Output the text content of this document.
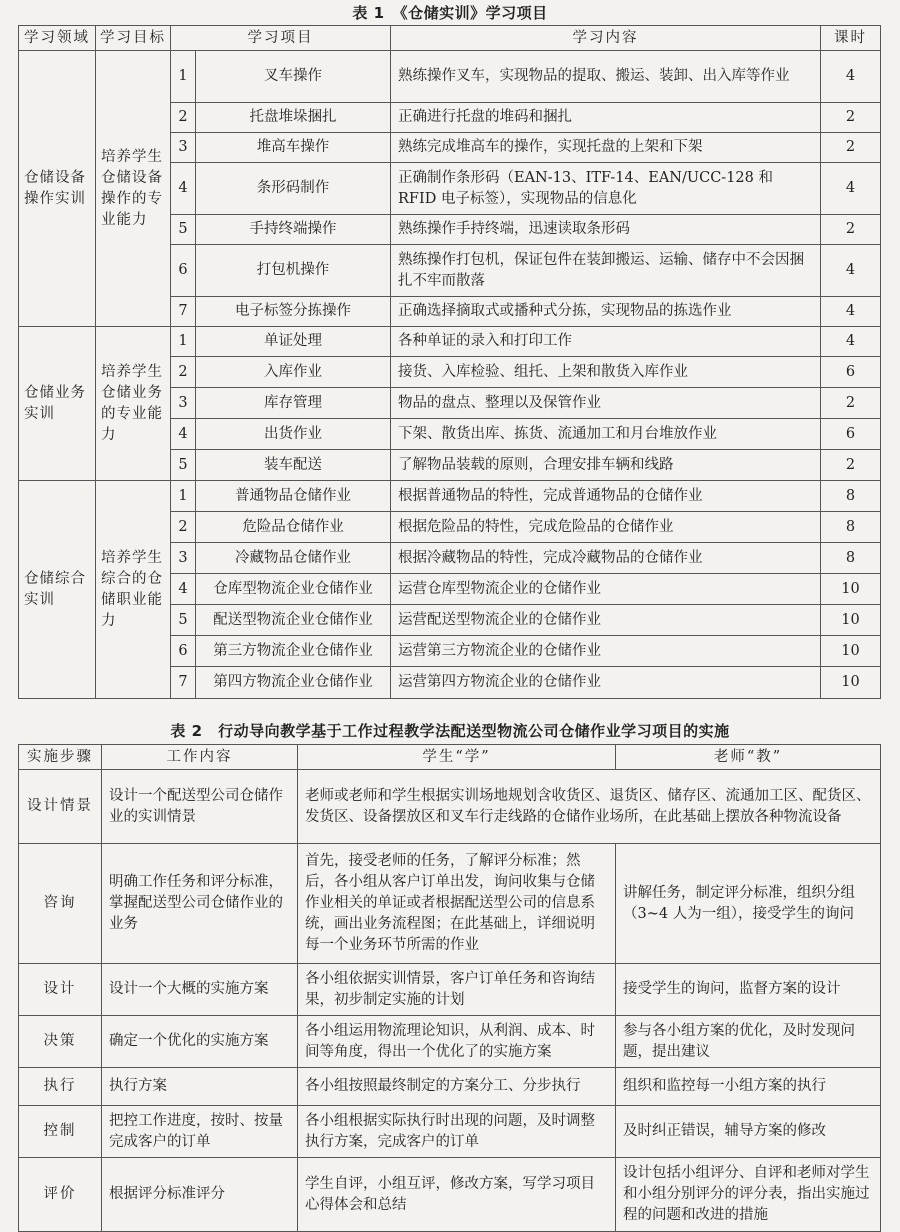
表 1　《仓储实训》学习项目
学习领域	学习目标	学习项目		学习内容	课时
仓储设备操作实训	培养学生仓储设备操作的专业能力	1	叉车操作	熟练操作叉车，实现物品的提取、搬运、装卸、出入库等作业	4
		2	托盘堆垛捆扎	正确进行托盘的堆码和捆扎	2
		3	堆高车操作	熟练完成堆高车的操作，实现托盘的上架和下架	2
		4	条形码制作	正确制作条形码（EAN-13、ITF-14、EAN/UCC-128 和 RFID 电子标签），实现物品的信息化	4
		5	手持终端操作	熟练操作手持终端，迅速读取条形码	2
		6	打包机操作	熟练操作打包机，保证包件在装卸搬运、运输、储存中不会因捆扎不牢而散落	4
		7	电子标签分拣操作	正确选择摘取式或播种式分拣，实现物品的拣选作业	4
仓储业务实训	培养学生仓储业务的专业能力	1	单证处理	各种单证的录入和打印工作	4
		2	入库作业	接货、入库检验、组托、上架和散货入库作业	6
		3	库存管理	物品的盘点、整理以及保管作业	2
		4	出货作业	下架、散货出库、拣货、流通加工和月台堆放作业	6
		5	装车配送	了解物品装载的原则，合理安排车辆和线路	2
仓储综合实训	培养学生综合的仓储职业能力	1	普通物品仓储作业	根据普通物品的特性，完成普通物品的仓储作业	8
		2	危险品仓储作业	根据危险品的特性，完成危险品的仓储作业	8
		3	冷藏物品仓储作业	根据冷藏物品的特性，完成冷藏物品的仓储作业	8
		4	仓库型物流企业仓储作业	运营仓库型物流企业的仓储作业	10
		5	配送型物流企业仓储作业	运营配送型物流企业的仓储作业	10
		6	第三方物流企业仓储作业	运营第三方物流企业的仓储作业	10
		7	第四方物流企业仓储作业	运营第四方物流企业的仓储作业	10
表 2　行动导向教学基于工作过程教学法配送型物流公司仓储作业学习项目的实施
实施步骤	工作内容	学生“学”	老师“教”
设计情景	设计一个配送型公司仓储作业的实训情景	老师或老师和学生根据实训场地规划含收货区、退货区、储存区、流通加工区、配货区、发货区、设备摆放区和叉车行走线路的仓储作业场所，在此基础上摆放各种物流设备	
咨询	明确工作任务和评分标准，掌握配送型公司仓储作业的业务	首先，接受老师的任务，了解评分标准；然后，各小组从客户订单出发，询问收集与仓储作业相关的单证或者根据配送型公司的信息系统，画出业务流程图；在此基础上，详细说明每一个业务环节所需的作业	讲解任务，制定评分标准，组织分组（3~4 人为一组），接受学生的询问
设计	设计一个大概的实施方案	各小组依据实训情景，客户订单任务和咨询结果，初步制定实施的计划	接受学生的询问，监督方案的设计
决策	确定一个优化的实施方案	各小组运用物流理论知识，从利润、成本、时间等角度，得出一个优化了的实施方案	参与各小组方案的优化，及时发现问题，提出建议
执行	执行方案	各小组按照最终制定的方案分工、分步执行	组织和监控每一小组方案的执行
控制	把控工作进度，按时、按量完成客户的订单	各小组根据实际执行时出现的问题，及时调整执行方案，完成客户的订单	及时纠正错误，辅导方案的修改
评价	根据评分标准评分	学生自评，小组互评，修改方案，写学习项目心得体会和总结	设计包括小组评分、自评和老师对学生和小组分别评分的评分表，指出实施过程的问题和改进的措施
